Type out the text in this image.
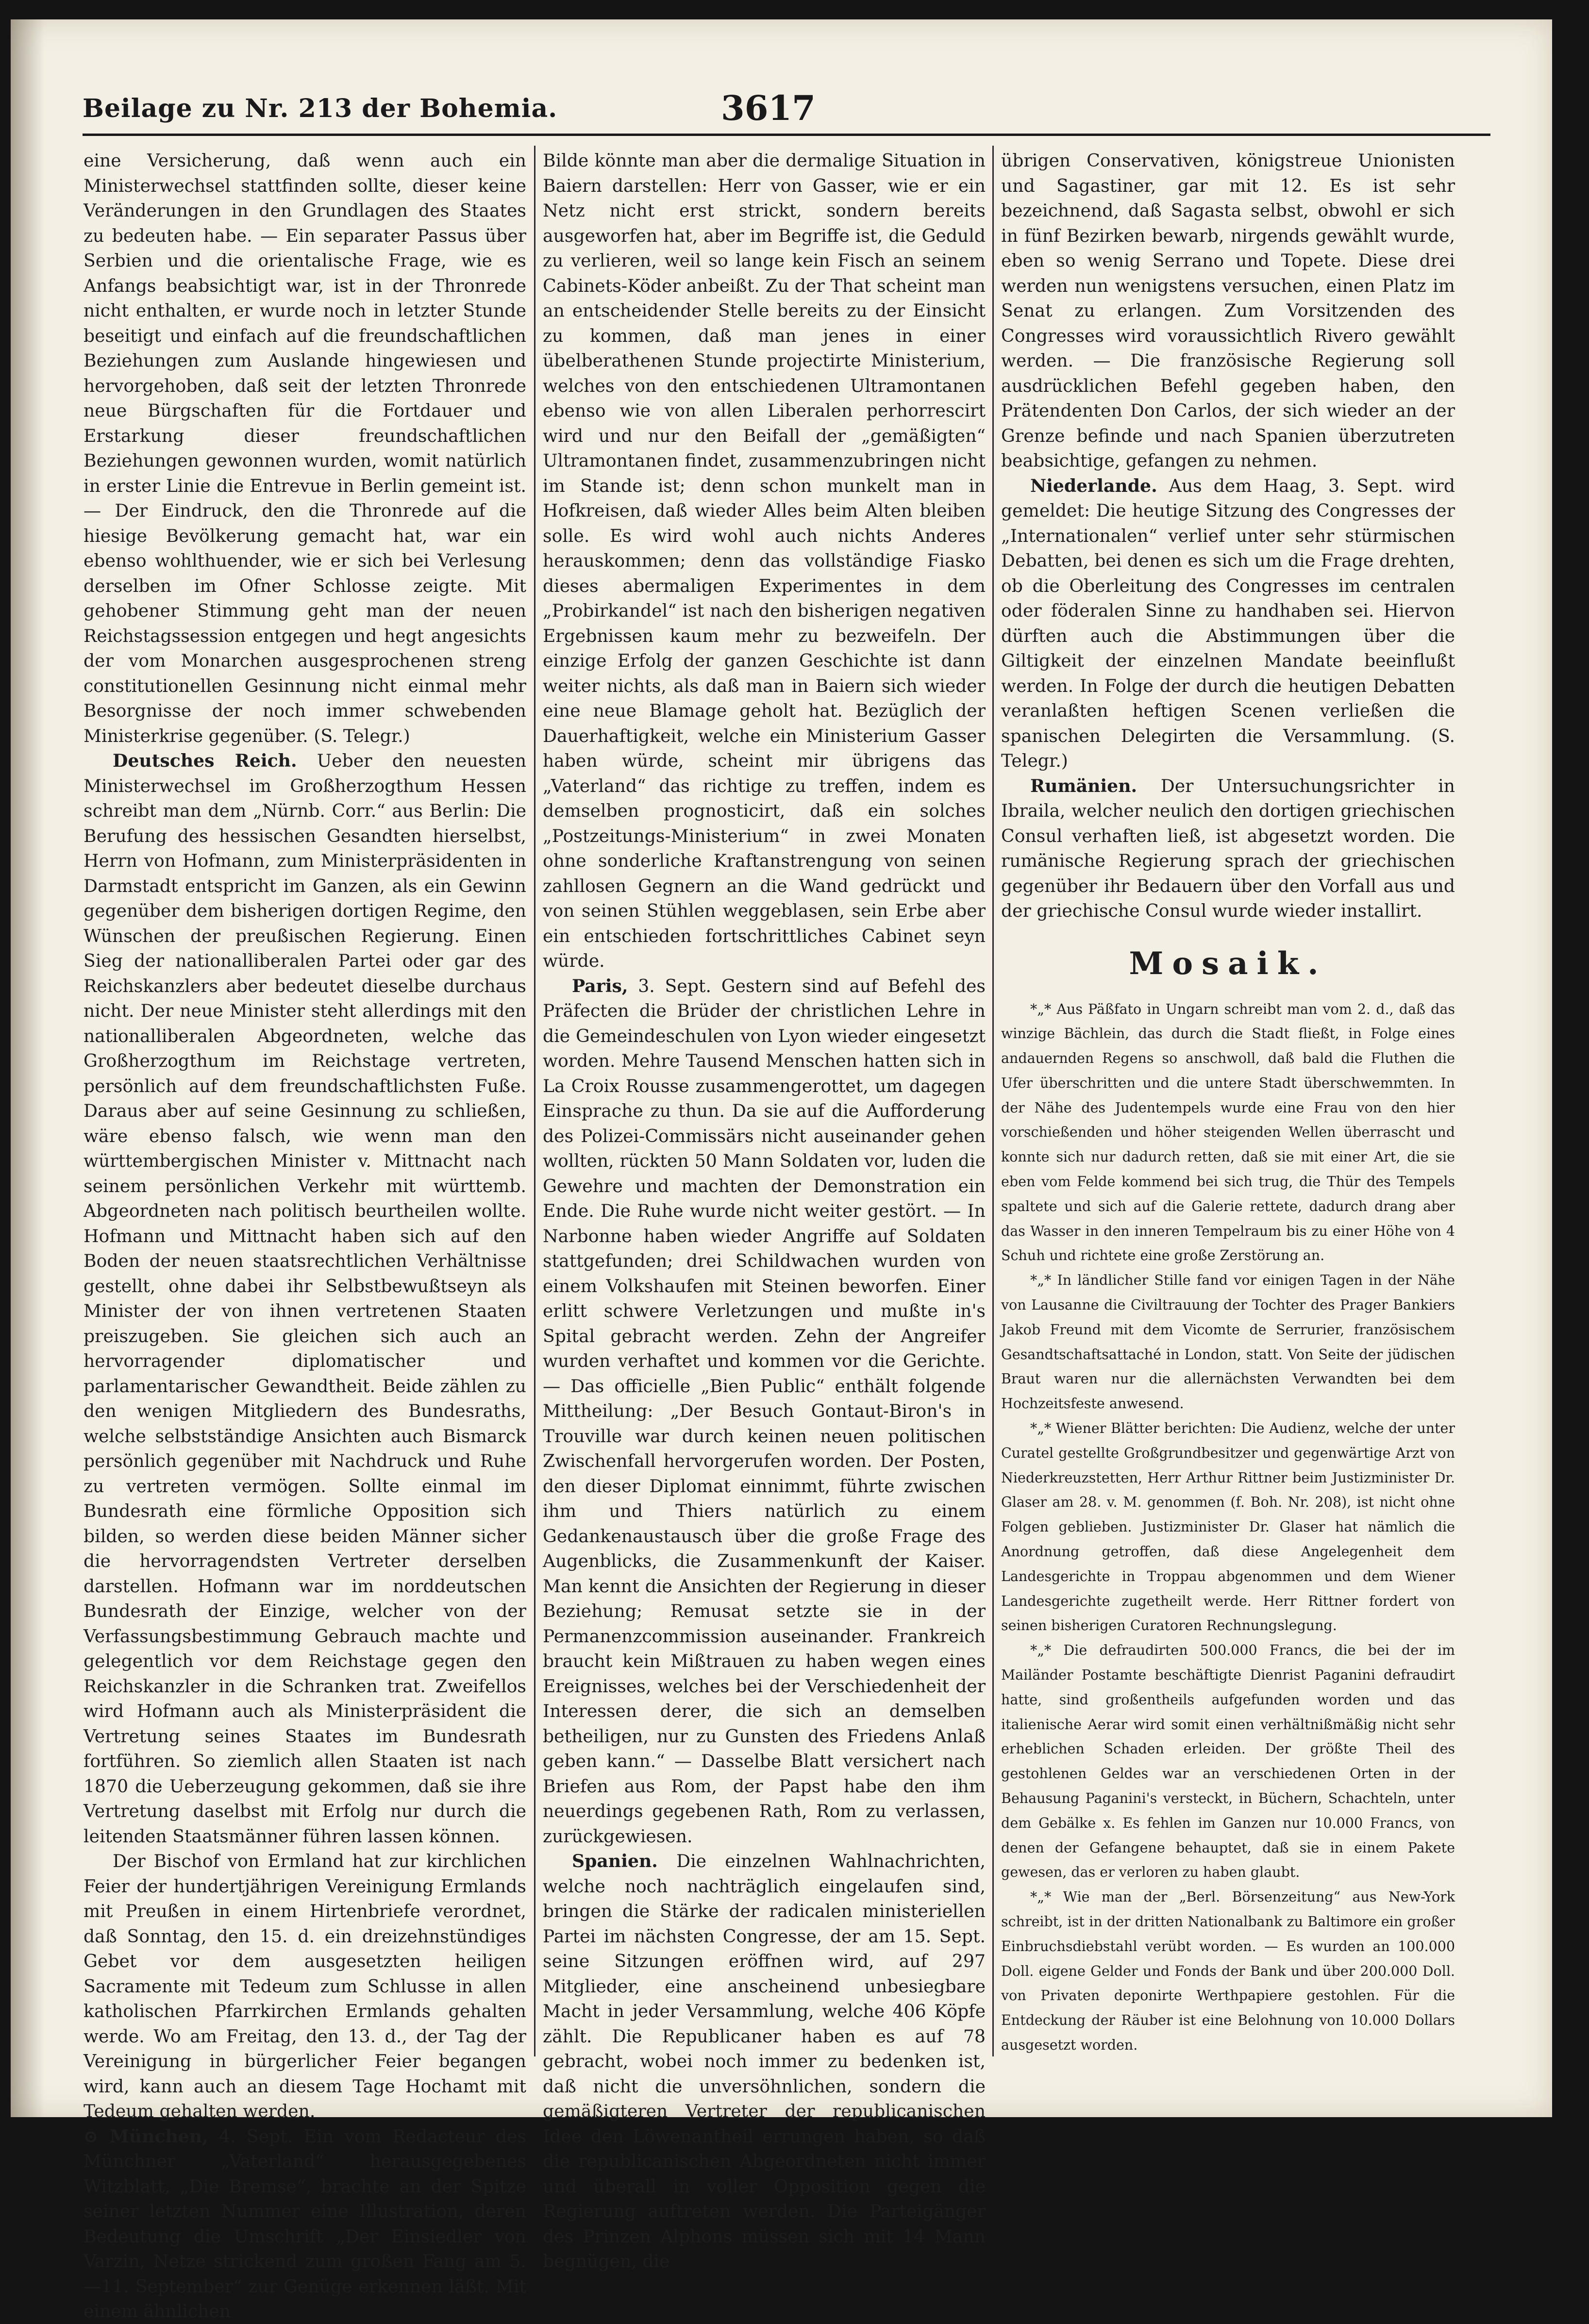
Beilage zu Nr. 213 der Bohemia.	3617

eine Versicherung, daß wenn auch ein Ministerwechsel stattfinden sollte, dieser keine Veränderungen in den Grundlagen des Staates zu bedeuten habe. — Ein separater Passus über Serbien und die orientalische Frage, wie es Anfangs beabsichtigt war, ist in der Thronrede nicht enthalten, er wurde noch in letzter Stunde beseitigt und einfach auf die freundschaftlichen Beziehungen zum Auslande hingewiesen und hervorgehoben, daß seit der letzten Thronrede neue Bürgschaften für die Fortdauer und Erstarkung dieser freundschaftlichen Beziehungen gewonnen wurden, womit natürlich in erster Linie die Entrevue in Berlin gemeint ist. — Der Eindruck, den die Thronrede auf die hiesige Bevölkerung gemacht hat, war ein ebenso wohlthuender, wie er sich bei Verlesung derselben im Ofner Schlosse zeigte. Mit gehobener Stimmung geht man der neuen Reichstagssession entgegen und hegt angesichts der vom Monarchen ausgesprochenen streng constitutionellen Gesinnung nicht einmal mehr Besorgnisse der noch immer schwebenden Ministerkrise gegenüber. (S. Telegr.)

Deutsches Reich. Ueber den neuesten Ministerwechsel im Großherzogthum Hessen schreibt man dem „Nürnb. Corr.“ aus Berlin: Die Berufung des hessischen Gesandten hierselbst, Herrn von Hofmann, zum Ministerpräsidenten in Darmstadt entspricht im Ganzen, als ein Gewinn gegenüber dem bisherigen dortigen Regime, den Wünschen der preußischen Regierung. Einen Sieg der nationalliberalen Partei oder gar des Reichskanzlers aber bedeutet dieselbe durchaus nicht. Der neue Minister steht allerdings mit den nationalliberalen Abgeordneten, welche das Großherzogthum im Reichstage vertreten, persönlich auf dem freundschaftlichsten Fuße. Daraus aber auf seine Gesinnung zu schließen, wäre ebenso falsch, wie wenn man den württembergischen Minister v. Mittnacht nach seinem persönlichen Verkehr mit württemb. Abgeordneten nach politisch beurtheilen wollte. Hofmann und Mittnacht haben sich auf den Boden der neuen staatsrechtlichen Verhältnisse gestellt, ohne dabei ihr Selbstbewußtseyn als Minister der von ihnen vertretenen Staaten preiszugeben. Sie gleichen sich auch an hervorragender diplomatischer und parlamentarischer Gewandtheit. Beide zählen zu den wenigen Mitgliedern des Bundesraths, welche selbstständige Ansichten auch Bismarck persönlich gegenüber mit Nachdruck und Ruhe zu vertreten vermögen. Sollte einmal im Bundesrath eine förmliche Opposition sich bilden, so werden diese beiden Männer sicher die hervorragendsten Vertreter derselben darstellen. Hofmann war im norddeutschen Bundesrath der Einzige, welcher von der Verfassungsbestimmung Gebrauch machte und gelegentlich vor dem Reichstage gegen den Reichskanzler in die Schranken trat. Zweifellos wird Hofmann auch als Ministerpräsident die Vertretung seines Staates im Bundesrath fortführen. So ziemlich allen Staaten ist nach 1870 die Ueberzeugung gekommen, daß sie ihre Vertretung daselbst mit Erfolg nur durch die leitenden Staatsmänner führen lassen können.

Der Bischof von Ermland hat zur kirchlichen Feier der hundertjährigen Vereinigung Ermlands mit Preußen in einem Hirtenbriefe verordnet, daß Sonntag, den 15. d. ein dreizehnstündiges Gebet vor dem ausgesetzten heiligen Sacramente mit Tedeum zum Schlusse in allen katholischen Pfarrkirchen Ermlands gehalten werde. Wo am Freitag, den 13. d., der Tag der Vereinigung in bürgerlicher Feier begangen wird, kann auch an diesem Tage Hochamt mit Tedeum gehalten werden.

⊙ München, 4. Sept. Ein vom Redacteur des Münchner „Vaterland“ herausgegebenes Witzblatt, „Die Bremse“, brachte an der Spitze seiner letzten Nummer eine Illustration, deren Bedeutung die Umschrift „Der Einsiedler von Varzin, Netze strickend zum großen Fang am 5.—11. September“ zur Genüge erkennen läßt. Mit einem ähnlichen

Bilde könnte man aber die dermalige Situation in Baiern darstellen: Herr von Gasser, wie er ein Netz nicht erst strickt, sondern bereits ausgeworfen hat, aber im Begriffe ist, die Geduld zu verlieren, weil so lange kein Fisch an seinem Cabinets-Köder anbeißt. Zu der That scheint man an entscheidender Stelle bereits zu der Einsicht zu kommen, daß man jenes in einer übelberathenen Stunde projectirte Ministerium, welches von den entschiedenen Ultramontanen ebenso wie von allen Liberalen perhorrescirt wird und nur den Beifall der „gemäßigten“ Ultramontanen findet, zusammenzubringen nicht im Stande ist; denn schon munkelt man in Hofkreisen, daß wieder Alles beim Alten bleiben solle. Es wird wohl auch nichts Anderes herauskommen; denn das vollständige Fiasko dieses abermaligen Experimentes in dem „Probirkandel“ ist nach den bisherigen negativen Ergebnissen kaum mehr zu bezweifeln. Der einzige Erfolg der ganzen Geschichte ist dann weiter nichts, als daß man in Baiern sich wieder eine neue Blamage geholt hat. Bezüglich der Dauerhaftigkeit, welche ein Ministerium Gasser haben würde, scheint mir übrigens das „Vaterland“ das richtige zu treffen, indem es demselben prognosticirt, daß ein solches „Postzeitungs-Ministerium“ in zwei Monaten ohne sonderliche Kraftanstrengung von seinen zahllosen Gegnern an die Wand gedrückt und von seinen Stühlen weggeblasen, sein Erbe aber ein entschieden fortschrittliches Cabinet seyn würde.

Paris, 3. Sept. Gestern sind auf Befehl des Präfecten die Brüder der christlichen Lehre in die Gemeindeschulen von Lyon wieder eingesetzt worden. Mehre Tausend Menschen hatten sich in La Croix Rousse zusammengerottet, um dagegen Einsprache zu thun. Da sie auf die Aufforderung des Polizei-Commissärs nicht auseinander gehen wollten, rückten 50 Mann Soldaten vor, luden die Gewehre und machten der Demonstration ein Ende. Die Ruhe wurde nicht weiter gestört. — In Narbonne haben wieder Angriffe auf Soldaten stattgefunden; drei Schildwachen wurden von einem Volkshaufen mit Steinen beworfen. Einer erlitt schwere Verletzungen und mußte in's Spital gebracht werden. Zehn der Angreifer wurden verhaftet und kommen vor die Gerichte. — Das officielle „Bien Public“ enthält folgende Mittheilung: „Der Besuch Gontaut-Biron's in Trouville war durch keinen neuen politischen Zwischenfall hervorgerufen worden. Der Posten, den dieser Diplomat einnimmt, führte zwischen ihm und Thiers natürlich zu einem Gedankenaustausch über die große Frage des Augenblicks, die Zusammenkunft der Kaiser. Man kennt die Ansichten der Regierung in dieser Beziehung; Remusat setzte sie in der Permanenzcommission auseinander. Frankreich braucht kein Mißtrauen zu haben wegen eines Ereignisses, welches bei der Verschiedenheit der Interessen derer, die sich an demselben betheiligen, nur zu Gunsten des Friedens Anlaß geben kann.“ — Dasselbe Blatt versichert nach Briefen aus Rom, der Papst habe den ihm neuerdings gegebenen Rath, Rom zu verlassen, zurückgewiesen.

Spanien. Die einzelnen Wahlnachrichten, welche noch nachträglich eingelaufen sind, bringen die Stärke der radicalen ministeriellen Partei im nächsten Congresse, der am 15. Sept. seine Sitzungen eröffnen wird, auf 297 Mitglieder, eine anscheinend unbesiegbare Macht in jeder Versammlung, welche 406 Köpfe zählt. Die Republicaner haben es auf 78 gebracht, wobei noch immer zu bedenken ist, daß nicht die unversöhnlichen, sondern die gemäßigteren Vertreter der republicanischen Idee den Löwenantheil errungen haben, so daß die republicanischen Abgeordneten nicht immer und überall in voller Opposition gegen die Regierung auftreten werden. Die Parteigänger des Prinzen Alphons müssen sich mit 14 Mann begnügen, die

übrigen Conservativen, königstreue Unionisten und Sagastiner, gar mit 12. Es ist sehr bezeichnend, daß Sagasta selbst, obwohl er sich in fünf Bezirken bewarb, nirgends gewählt wurde, eben so wenig Serrano und Topete. Diese drei werden nun wenigstens versuchen, einen Platz im Senat zu erlangen. Zum Vorsitzenden des Congresses wird voraussichtlich Rivero gewählt werden. — Die französische Regierung soll ausdrücklichen Befehl gegeben haben, den Prätendenten Don Carlos, der sich wieder an der Grenze befinde und nach Spanien überzutreten beabsichtige, gefangen zu nehmen.

Niederlande. Aus dem Haag, 3. Sept. wird gemeldet: Die heutige Sitzung des Congresses der „Internationalen“ verlief unter sehr stürmischen Debatten, bei denen es sich um die Frage drehten, ob die Oberleitung des Congresses im centralen oder föderalen Sinne zu handhaben sei. Hiervon dürften auch die Abstimmungen über die Giltigkeit der einzelnen Mandate beeinflußt werden. In Folge der durch die heutigen Debatten veranlaßten heftigen Scenen verließen die spanischen Delegirten die Versammlung. (S. Telegr.)

Rumänien. Der Untersuchungsrichter in Ibraila, welcher neulich den dortigen griechischen Consul verhaften ließ, ist abgesetzt worden. Die rumänische Regierung sprach der griechischen gegenüber ihr Bedauern über den Vorfall aus und der griechische Consul wurde wieder installirt.

Mosaik.

*„* Aus Päßfato in Ungarn schreibt man vom 2. d., daß das winzige Bächlein, das durch die Stadt fließt, in Folge eines andauernden Regens so anschwoll, daß bald die Fluthen die Ufer überschritten und die untere Stadt überschwemmten. In der Nähe des Judentempels wurde eine Frau von den hier vorschießenden und höher steigenden Wellen überrascht und konnte sich nur dadurch retten, daß sie mit einer Art, die sie eben vom Felde kommend bei sich trug, die Thür des Tempels spaltete und sich auf die Galerie rettete, dadurch drang aber das Wasser in den inneren Tempelraum bis zu einer Höhe von 4 Schuh und richtete eine große Zerstörung an.

*„* In ländlicher Stille fand vor einigen Tagen in der Nähe von Lausanne die Civiltrauung der Tochter des Prager Bankiers Jakob Freund mit dem Vicomte de Serrurier, französischem Gesandtschaftsattaché in London, statt. Von Seite der jüdischen Braut waren nur die allernächsten Verwandten bei dem Hochzeitsfeste anwesend.

*„* Wiener Blätter berichten: Die Audienz, welche der unter Curatel gestellte Großgrundbesitzer und gegenwärtige Arzt von Niederkreuzstetten, Herr Arthur Rittner beim Justizminister Dr. Glaser am 28. v. M. genommen (f. Boh. Nr. 208), ist nicht ohne Folgen geblieben. Justizminister Dr. Glaser hat nämlich die Anordnung getroffen, daß diese Angelegenheit dem Landesgerichte in Troppau abgenommen und dem Wiener Landesgerichte zugetheilt werde. Herr Rittner fordert von seinen bisherigen Curatoren Rechnungslegung.

*„* Die defraudirten 500.000 Francs, die bei der im Mailänder Postamte beschäftigte Dienrist Paganini defraudirt hatte, sind großentheils aufgefunden worden und das italienische Aerar wird somit einen verhältnißmäßig nicht sehr erheblichen Schaden erleiden. Der größte Theil des gestohlenen Geldes war an verschiedenen Orten in der Behausung Paganini's versteckt, in Büchern, Schachteln, unter dem Gebälke x. Es fehlen im Ganzen nur 10.000 Francs, von denen der Gefangene behauptet, daß sie in einem Pakete gewesen, das er verloren zu haben glaubt.

*„* Wie man der „Berl. Börsenzeitung“ aus New-York schreibt, ist in der dritten Nationalbank zu Baltimore ein großer Einbruchsdiebstahl verübt worden. — Es wurden an 100.000 Doll. eigene Gelder und Fonds der Bank und über 200.000 Doll. von Privaten deponirte Werthpapiere gestohlen. Für die Entdeckung der Räuber ist eine Belohnung von 10.000 Dollars ausgesetzt worden.
